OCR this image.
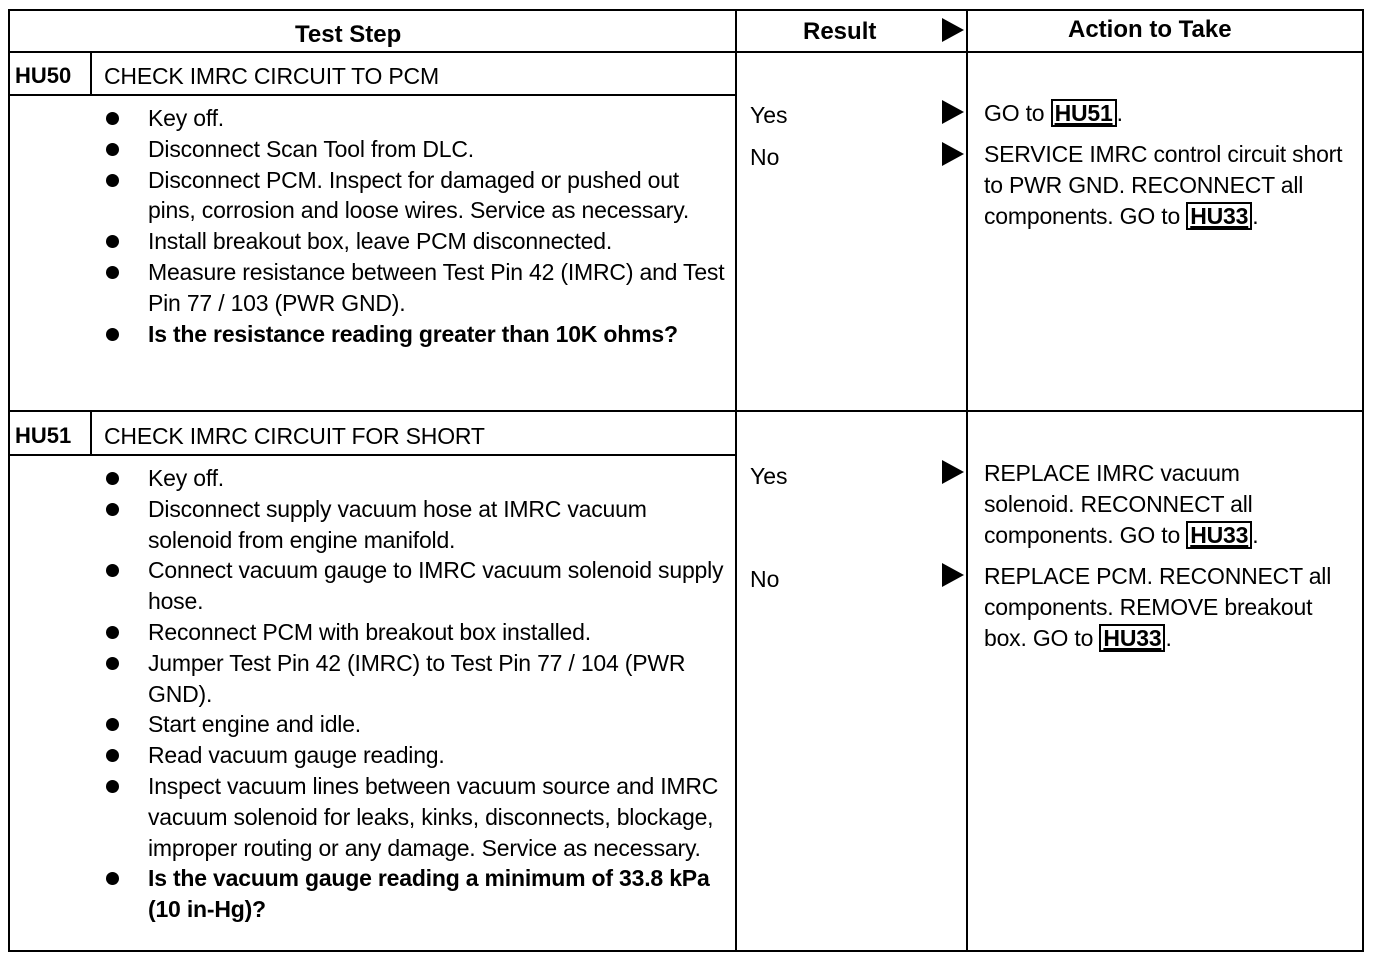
Test Step	Result	Action to Take
HU50 CHECK IMRC CIRCUIT TO PCM
Key off.
Disconnect Scan Tool from DLC.
Disconnect PCM. Inspect for damaged or pushed out pins, corrosion and loose wires. Service as necessary.
Install breakout box, leave PCM disconnected.
Measure resistance between Test Pin 42 (IMRC) and Test Pin 77 / 103 (PWR GND).
Is the resistance reading greater than 10K ohms?
Yes
No
GO to HU51 .
SERVICE IMRC control circuit short to PWR GND. RECONNECT all components. GO to HU33 .
HU51 CHECK IMRC CIRCUIT FOR SHORT
Key off.
Disconnect supply vacuum hose at IMRC vacuum solenoid from engine manifold.
Connect vacuum gauge to IMRC vacuum solenoid supply hose.
Reconnect PCM with breakout box installed.
Jumper Test Pin 42 (IMRC) to Test Pin 77 / 104 (PWR GND).
Start engine and idle.
Read vacuum gauge reading.
Inspect vacuum lines between vacuum source and IMRC vacuum solenoid for leaks, kinks, disconnects, blockage, improper routing or any damage. Service as necessary.
Is the vacuum gauge reading a minimum of 33.8 kPa (10 in-Hg)?
Yes
No
REPLACE IMRC vacuum solenoid. RECONNECT all components. GO to HU33 .
REPLACE PCM. RECONNECT all components. REMOVE breakout box. GO to HU33 .
